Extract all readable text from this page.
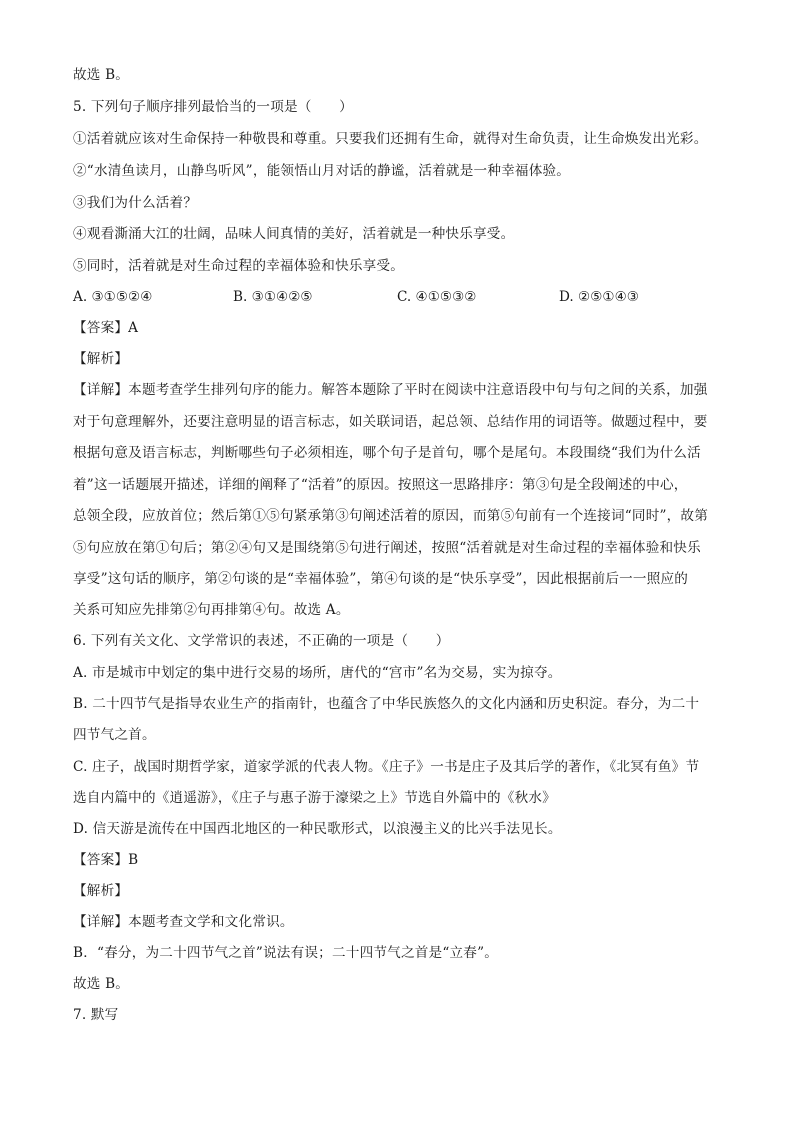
故选 B。
5. 下列句子顺序排列最恰当的一项是（　　）
①活着就应该对生命保持一种敬畏和尊重。只要我们还拥有生命，就得对生命负责，让生命焕发出光彩。
②“水清鱼读月，山静鸟听风”，能领悟山月对话的静谧，活着就是一种幸福体验。
③我们为什么活着？
④观看澌涌大江的壮阔，品味人间真情的美好，活着就是一种快乐享受。
⑤同时，活着就是对生命过程的幸福体验和快乐享受。
A. ③①⑤②④	B. ③①④②⑤	C. ④①⑤③②	D. ②⑤①④③
【答案】A
【解析】
【详解】本题考查学生排列句序的能力。解答本题除了平时在阅读中注意语段中句与句之间的关系，加强
对于句意理解外，还要注意明显的语言标志，如关联词语，起总领、总结作用的词语等。做题过程中，要
根据句意及语言标志，判断哪些句子必须相连，哪个句子是首句，哪个是尾句。本段围绕“我们为什么活
着”这一话题展开描述，详细的阐释了“活着”的原因。按照这一思路排序：第③句是全段阐述的中心，
总领全段，应放首位；然后第①⑤句紧承第③句阐述活着的原因，而第⑤句前有一个连接词“同时”，故第
⑤句应放在第①句后；第②④句又是围绕第⑤句进行阐述，按照“活着就是对生命过程的幸福体验和快乐
享受”这句话的顺序，第②句谈的是“幸福体验”，第④句谈的是“快乐享受”，因此根据前后一一照应的
关系可知应先排第②句再排第④句。故选 A。
6. 下列有关文化、文学常识的表述，不正确的一项是（　　）
A. 市是城市中划定的集中进行交易的场所，唐代的“宫市”名为交易，实为掠夺。
B. 二十四节气是指导农业生产的指南针，也蕴含了中华民族悠久的文化内涵和历史积淀。春分，为二十
四节气之首。
C. 庄子，战国时期哲学家，道家学派的代表人物。《庄子》一书是庄子及其后学的著作，《北冥有鱼》节
选自内篇中的《逍遥游》，《庄子与惠子游于濠梁之上》节选自外篇中的《秋水》
D. 信天游是流传在中国西北地区的一种民歌形式，以浪漫主义的比兴手法见长。
【答案】B
【解析】
【详解】本题考查文学和文化常识。
B．“春分，为二十四节气之首”说法有误；二十四节气之首是“立春”。
故选 B。
7. 默写
